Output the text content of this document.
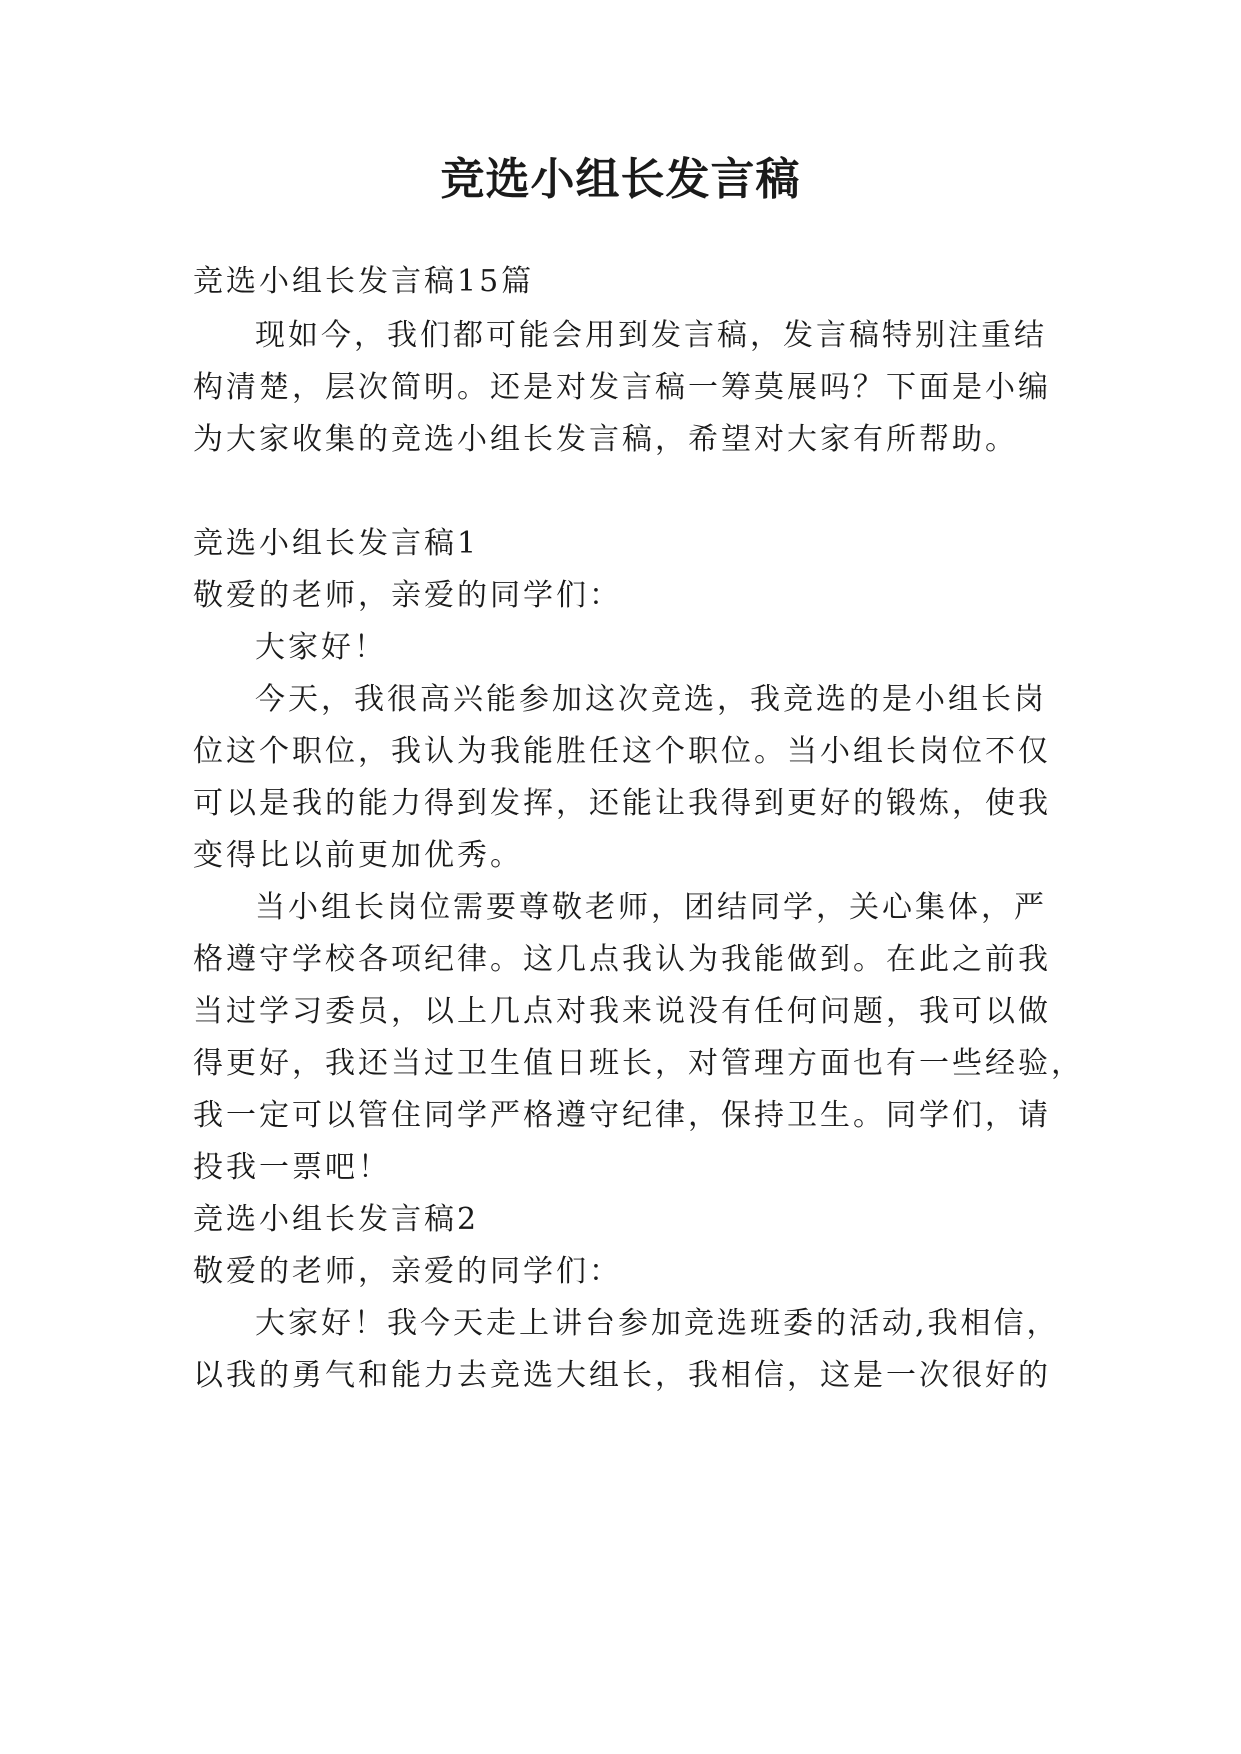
竞选小组长发言稿
竞选小组长发言稿15篇
现如今，我们都可能会用到发言稿，发言稿特别注重结
构清楚，层次简明。还是对发言稿一筹莫展吗？下面是小编
为大家收集的竞选小组长发言稿，希望对大家有所帮助。
竞选小组长发言稿1
敬爱的老师，亲爱的同学们：
大家好！
今天，我很高兴能参加这次竞选，我竞选的是小组长岗
位这个职位，我认为我能胜任这个职位。当小组长岗位不仅
可以是我的能力得到发挥，还能让我得到更好的锻炼，使我
变得比以前更加优秀。
当小组长岗位需要尊敬老师，团结同学，关心集体，严
格遵守学校各项纪律。这几点我认为我能做到。在此之前我
当过学习委员，以上几点对我来说没有任何问题，我可以做
得更好，我还当过卫生值日班长，对管理方面也有一些经验，
我一定可以管住同学严格遵守纪律，保持卫生。同学们，请
投我一票吧！
竞选小组长发言稿2
敬爱的老师，亲爱的同学们：
大家好！我今天走上讲台参加竞选班委的活动,我相信，
以我的勇气和能力去竞选大组长，我相信，这是一次很好的
